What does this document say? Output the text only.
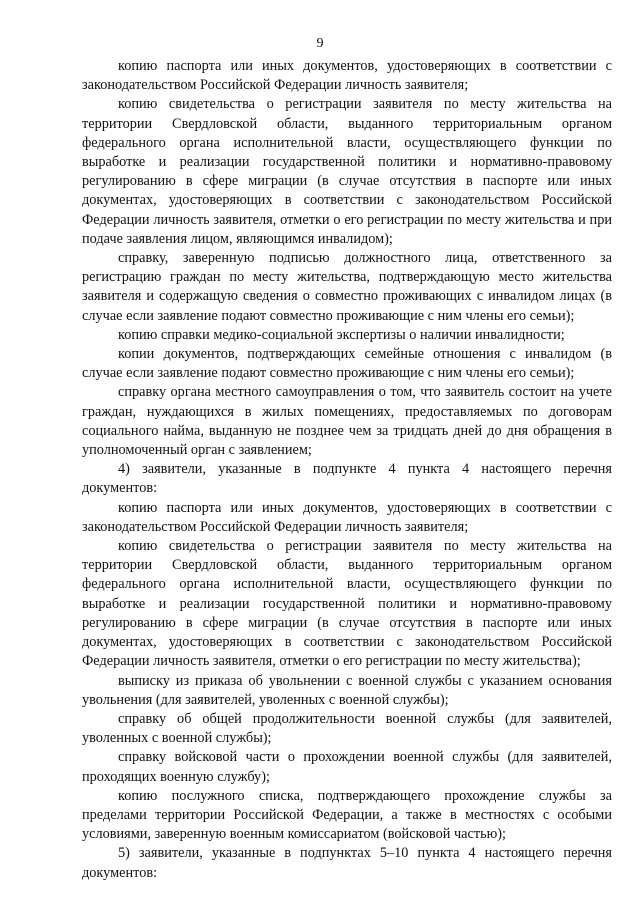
9

копию паспорта или иных документов, удостоверяющих в соответствии с законодательством Российской Федерации личность заявителя;

копию свидетельства о регистрации заявителя по месту жительства на территории Свердловской области, выданного территориальным органом федерального органа исполнительной власти, осуществляющего функции по выработке и реализации государственной политики и нормативно-правовому регулированию в сфере миграции (в случае отсутствия в паспорте или иных документах, удостоверяющих в соответствии с законодательством Российской Федерации личность заявителя, отметки о его регистрации по месту жительства и при подаче заявления лицом, являющимся инвалидом);

справку, заверенную подписью должностного лица, ответственного за регистрацию граждан по месту жительства, подтверждающую место жительства заявителя и содержащую сведения о совместно проживающих с инвалидом лицах (в случае если заявление подают совместно проживающие с ним члены его семьи);

копию справки медико-социальной экспертизы о наличии инвалидности;

копии документов, подтверждающих семейные отношения с инвалидом (в случае если заявление подают совместно проживающие с ним члены его семьи);

справку органа местного самоуправления о том, что заявитель состоит на учете граждан, нуждающихся в жилых помещениях, предоставляемых по договорам социального найма, выданную не позднее чем за тридцать дней до дня обращения в уполномоченный орган с заявлением;

4) заявители, указанные в подпункте 4 пункта 4 настоящего перечня документов:

копию паспорта или иных документов, удостоверяющих в соответствии с законодательством Российской Федерации личность заявителя;

копию свидетельства о регистрации заявителя по месту жительства на территории Свердловской области, выданного территориальным органом федерального органа исполнительной власти, осуществляющего функции по выработке и реализации государственной политики и нормативно-правовому регулированию в сфере миграции (в случае отсутствия в паспорте или иных документах, удостоверяющих в соответствии с законодательством Российской Федерации личность заявителя, отметки о его регистрации по месту жительства);

выписку из приказа об увольнении с военной службы с указанием основания увольнения (для заявителей, уволенных с военной службы);

справку об общей продолжительности военной службы (для заявителей, уволенных с военной службы);

справку войсковой части о прохождении военной службы (для заявителей, проходящих военную службу);

копию послужного списка, подтверждающего прохождение службы за пределами территории Российской Федерации, а также в местностях с особыми условиями, заверенную военным комиссариатом (войсковой частью);

5) заявители, указанные в подпунктах 5–10 пункта 4 настоящего перечня документов:
